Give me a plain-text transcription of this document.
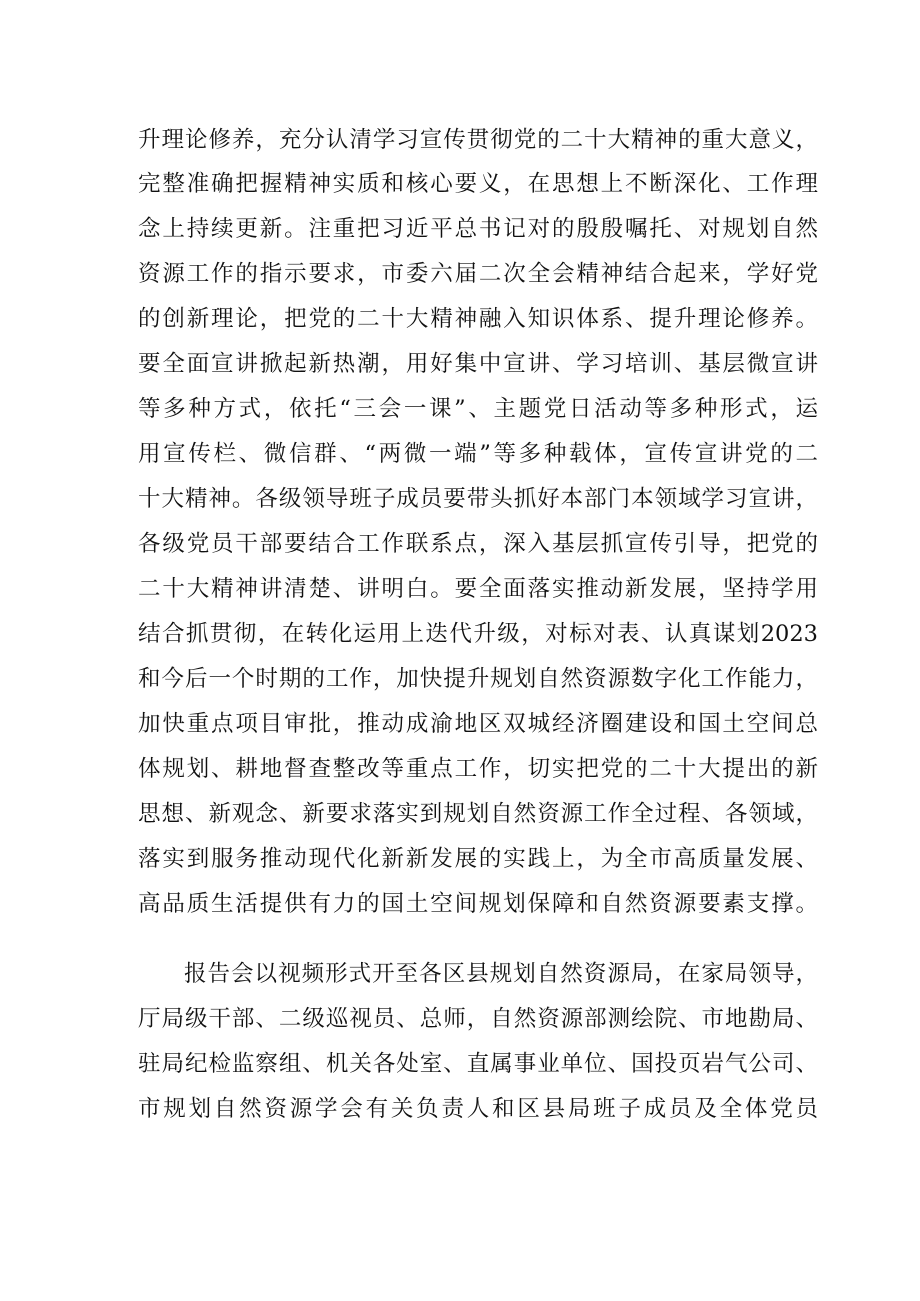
升理论修养，充分认清学习宣传贯彻党的二十大精神的重大意义，
完整准确把握精神实质和核心要义，在思想上不断深化、工作理
念上持续更新。注重把习近平总书记对的殷殷嘱托、对规划自然
资源工作的指示要求，市委六届二次全会精神结合起来，学好党
的创新理论，把党的二十大精神融入知识体系、提升理论修养。
要全面宣讲掀起新热潮，用好集中宣讲、学习培训、基层微宣讲
等多种方式，依托“三会一课”、主题党日活动等多种形式，运
用宣传栏、微信群、“两微一端”等多种载体，宣传宣讲党的二
十大精神。各级领导班子成员要带头抓好本部门本领域学习宣讲，
各级党员干部要结合工作联系点，深入基层抓宣传引导，把党的
二十大精神讲清楚、讲明白。要全面落实推动新发展，坚持学用
结合抓贯彻，在转化运用上迭代升级，对标对表、认真谋划2023
和今后一个时期的工作，加快提升规划自然资源数字化工作能力，
加快重点项目审批，推动成渝地区双城经济圈建设和国土空间总
体规划、耕地督查整改等重点工作，切实把党的二十大提出的新
思想、新观念、新要求落实到规划自然资源工作全过程、各领域，
落实到服务推动现代化新新发展的实践上，为全市高质量发展、
高品质生活提供有力的国土空间规划保障和自然资源要素支撑。
报告会以视频形式开至各区县规划自然资源局，在家局领导，
厅局级干部、二级巡视员、总师，自然资源部测绘院、市地勘局、
驻局纪检监察组、机关各处室、直属事业单位、国投页岩气公司、
市规划自然资源学会有关负责人和区县局班子成员及全体党员
